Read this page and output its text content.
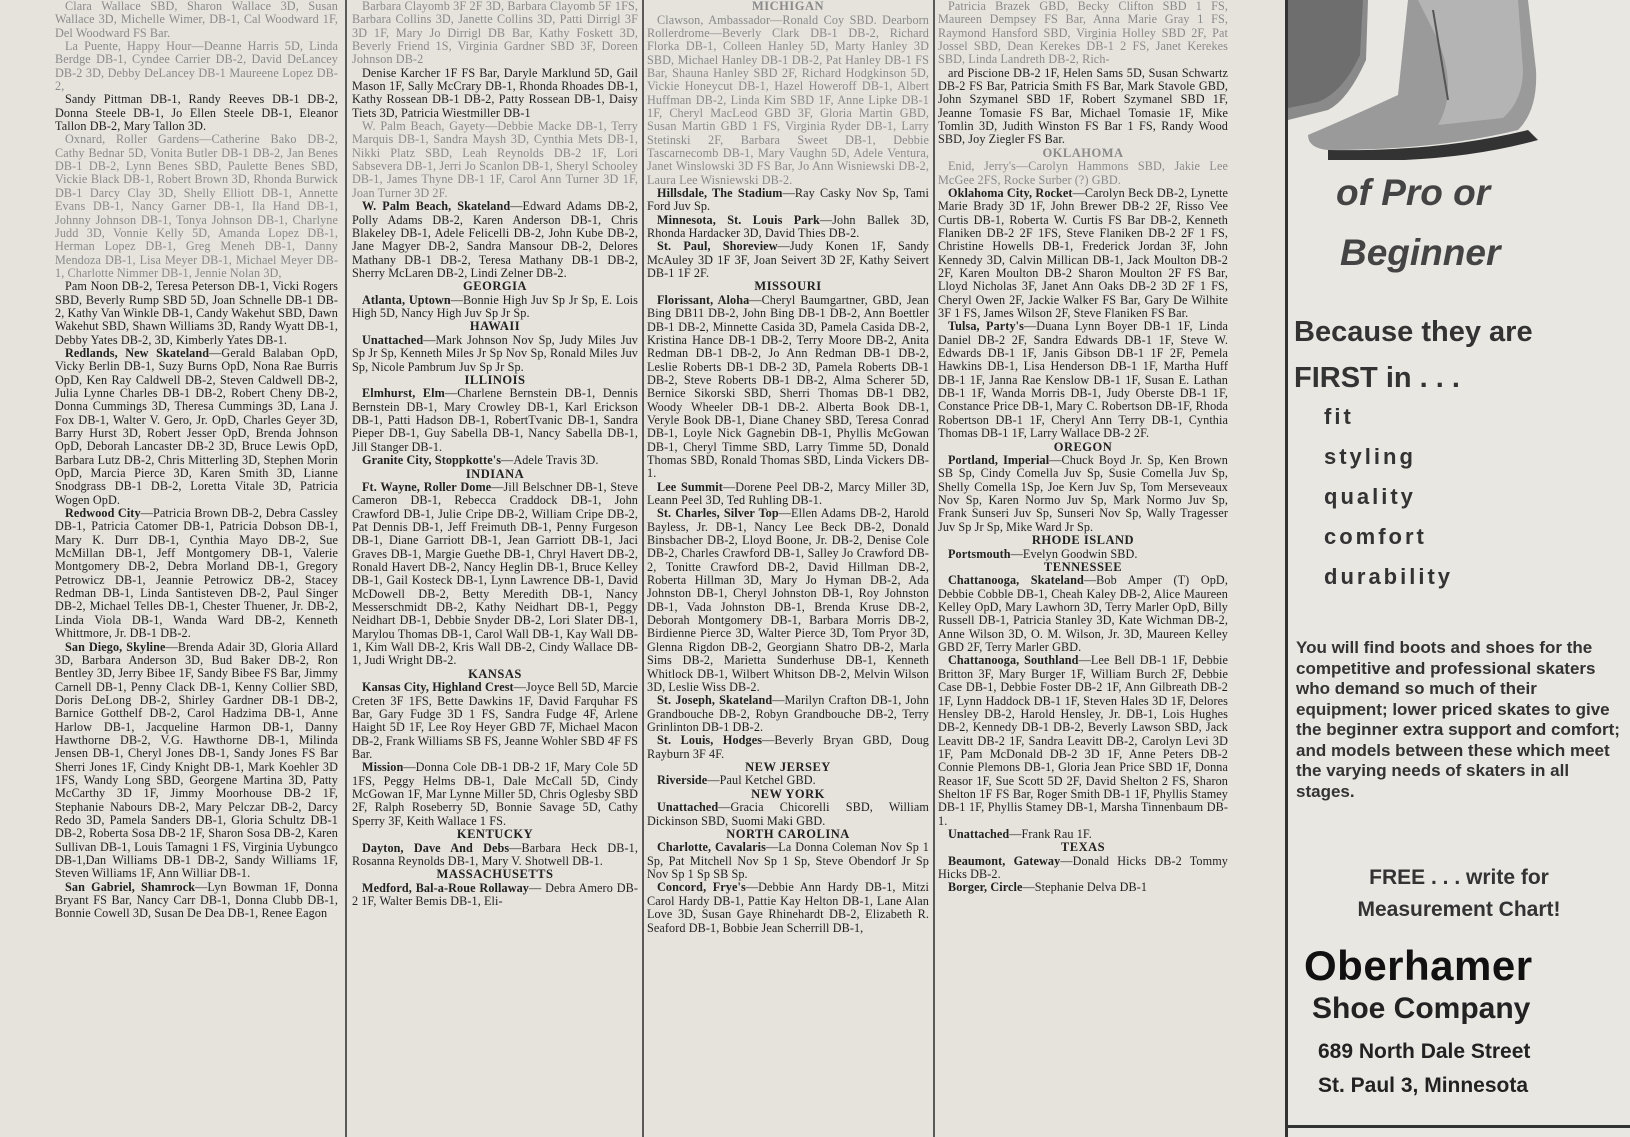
Clara Wallace SBD, Sharon Wallace 3D, Susan Wallace 3D, Michelle Wimer, DB-1, Cal Woodward 1F, Del Woodward FS Bar.

La Puente, Happy Hour—Deanne Harris 5D, Linda Berdge DB-1, Cyndee Carrier DB-2, David DeLancey DB-2 3D, Debby DeLancey DB-1 Maureene Lopez DB-2,

Sandy Pittman DB-1, Randy Reeves DB-1 DB-2, Donna Steele DB-1, Jo Ellen Steele DB-1, Eleanor Tallon DB-2, Mary Tallon 3D.

Oxnard, Roller Gardens—Catherine Bako DB-2, Cathy Bednar 5D, Vonita Butler DB-1 DB-2, Jan Benes DB-1 DB-2, Lynn Benes SBD, Paulette Benes SBD, Vickie Black DB-1, Robert Brown 3D, Rhonda Burwick DB-1 Darcy Clay 3D, Shelly Elliott DB-1, Annette Evans DB-1, Nancy Garner DB-1, Ila Hand DB-1, Johnny Johnson DB-1, Tonya Johnson DB-1, Charlyne Judd 3D, Vonnie Kelly 5D, Amanda Lopez DB-1, Herman Lopez DB-1, Greg Meneh DB-1, Danny Mendoza DB-1, Lisa Meyer DB-1, Michael Meyer DB-1, Charlotte Nimmer DB-1, Jennie Nolan 3D,

Pam Noon DB-2, Teresa Peterson DB-1, Vicki Rogers SBD, Beverly Rump SBD 5D, Joan Schnelle DB-1 DB-2, Kathy Van Winkle DB-1, Candy Wakehut SBD, Dawn Wakehut SBD, Shawn Williams 3D, Randy Wyatt DB-1, Debby Yates DB-2, 3D, Kimberly Yates DB-1.

Redlands, New Skateland—Gerald Balaban OpD, Vicky Berlin DB-1, Suzy Burns OpD, Nona Rae Burris OpD, Ken Ray Caldwell DB-2, Steven Caldwell DB-2, Julia Lynne Charles DB-1 DB-2, Robert Cheny DB-2, Donna Cummings 3D, Theresa Cummings 3D, Lana J. Fox DB-1, Walter V. Gero, Jr. OpD, Charles Geyer 3D, Barry Hurst 3D, Robert Jesser OpD, Brenda Johnson OpD, Deborah Lancaster DB-2 3D, Bruce Lewis OpD, Barbara Lutz DB-2, Chris Mitterling 3D, Stephen Morin OpD, Marcia Pierce 3D, Karen Smith 3D, Lianne Snodgrass DB-1 DB-2, Loretta Vitale 3D, Patricia Wogen OpD.

Redwood City—Patricia Brown DB-2, Debra Cassley DB-1, Patricia Catomer DB-1, Patricia Dobson DB-1, Mary K. Durr DB-1, Cynthia Mayo DB-2, Sue McMillan DB-1, Jeff Montgomery DB-1, Valerie Montgomery DB-2, Debra Morland DB-1, Gregory Petrowicz DB-1, Jeannie Petrowicz DB-2, Stacey Redman DB-1, Linda Santisteven DB-2, Paul Singer DB-2, Michael Telles DB-1, Chester Thuener, Jr. DB-2, Linda Viola DB-1, Wanda Ward DB-2, Kenneth Whittmore, Jr. DB-1 DB-2.

San Diego, Skyline—Brenda Adair 3D, Gloria Allard 3D, Barbara Anderson 3D, Bud Baker DB-2, Ron Bentley 3D, Jerry Bibee 1F, Sandy Bibee FS Bar, Jimmy Carnell DB-1, Penny Clack DB-1, Kenny Collier SBD, Doris DeLong DB-2, Shirley Gardner DB-1 DB-2, Barnice Gotthelf DB-2, Carol Hadzima DB-1, Anne Harlow DB-1, Jacqueline Harmon DB-1, Danny Hawthorne DB-2, V.G. Hawthorne DB-1, Milinda Jensen DB-1, Cheryl Jones DB-1, Sandy Jones FS Bar Sherri Jones 1F, Cindy Knight DB-1, Mark Koehler 3D 1FS, Wandy Long SBD, Georgene Martina 3D, Patty McCarthy 3D 1F, Jimmy Moorhouse DB-2 1F, Stephanie Nabours DB-2, Mary Pelczar DB-2, Darcy Redo 3D, Pamela Sanders DB-1, Gloria Schultz DB-1 DB-2, Roberta Sosa DB-2 1F, Sharon Sosa DB-2, Karen Sullivan DB-1, Louis Tamagni 1 FS, Virginia Uybungco DB-1,Dan Williams DB-1 DB-2, Sandy Williams 1F, Steven Williams 1F, Ann Williar DB-1.

San Gabriel, Shamrock—Lyn Bowman 1F, Donna Bryant FS Bar, Nancy Carr DB-1, Donna Clubb DB-1, Bonnie Cowell 3D, Susan De Dea DB-1, Renee Eagon

Barbara Clayomb 3F 2F 3D, Barbara Clayomb 5F 1FS, Barbara Collins 3D, Janette Collins 3D, Patti Dirrigl 3F 3D 1F, Mary Jo Dirrigl DB Bar, Kathy Foskett 3D, Beverly Friend 1S, Virginia Gardner SBD 3F, Doreen Johnson DB-2

Denise Karcher 1F FS Bar, Daryle Marklund 5D, Gail Mason 1F, Sally McCrary DB-1, Rhonda Rhoades DB-1, Kathy Rossean DB-1 DB-2, Patty Rossean DB-1, Daisy Tiets 3D, Patricia Wiestmiller DB-1

W. Palm Beach, Gayety—Debbie Macke DB-1, Terry Marquis DB-1, Sandra Maysh 3D, Cynthia Mets DB-1, Nikki Platz SBD, Leah Reynolds DB-2 1F, Lori Sabsevera DB-1, Jerri Jo Scanlon DB-1, Sheryl Schooley DB-1, James Thyne DB-1 1F, Carol Ann Turner 3D 1F, Joan Turner 3D 2F.

W. Palm Beach, Skateland—Edward Adams DB-2, Polly Adams DB-2, Karen Anderson DB-1, Chris Blakeley DB-1, Adele Felicelli DB-2, John Kube DB-2, Jane Magyer DB-2, Sandra Mansour DB-2, Delores Mathany DB-1 DB-2, Teresa Mathany DB-1 DB-2, Sherry McLaren DB-2, Lindi Zelner DB-2.

GEORGIA

Atlanta, Uptown—Bonnie High Juv Sp Jr Sp, E. Lois High 5D, Nancy High Juv Sp Jr Sp.

HAWAII

Unattached—Mark Johnson Nov Sp, Judy Miles Juv Sp Jr Sp, Kenneth Miles Jr Sp Nov Sp, Ronald Miles Juv Sp, Nicole Pambrum Juv Sp Jr Sp.

ILLINOIS

Elmhurst, Elm—Charlene Bernstein DB-1, Dennis Bernstein DB-1, Mary Crowley DB-1, Karl Erickson DB-1, Patti Hadson DB-1, RobertTvanic DB-1, Sandra Pieper DB-1, Guy Sabella DB-1, Nancy Sabella DB-1, Jill Stanger DB-1.

Granite City, Stoppkotte's—Adele Travis 3D.

INDIANA

Ft. Wayne, Roller Dome—Jill Belschner DB-1, Steve Cameron DB-1, Rebecca Craddock DB-1, John Crawford DB-1, Julie Cripe DB-2, William Cripe DB-2, Pat Dennis DB-1, Jeff Freimuth DB-1, Penny Furgeson DB-1, Diane Garriott DB-1, Jean Garriott DB-1, Jaci Graves DB-1, Margie Guethe DB-1, Chryl Havert DB-2, Ronald Havert DB-2, Nancy Heglin DB-1, Bruce Kelley DB-1, Gail Kosteck DB-1, Lynn Lawrence DB-1, David McDowell DB-2, Betty Meredith DB-1, Nancy Messerschmidt DB-2, Kathy Neidhart DB-1, Peggy Neidhart DB-1, Debbie Snyder DB-2, Lori Slater DB-1, Marylou Thomas DB-1, Carol Wall DB-1, Kay Wall DB-1, Kim Wall DB-2, Kris Wall DB-2, Cindy Wallace DB-1, Judi Wright DB-2.

KANSAS

Kansas City, Highland Crest—Joyce Bell 5D, Marcie Creten 3F 1FS, Bette Dawkins 1F, David Farquhar FS Bar, Gary Fudge 3D 1 FS, Sandra Fudge 4F, Arlene Haight 5D 1F, Lee Roy Heyer GBD 7F, Michael Macon DB-2, Frank Williams SB FS, Jeanne Wohler SBD 4F FS Bar.

Mission—Donna Cole DB-1 DB-2 1F, Mary Cole 5D 1FS, Peggy Helms DB-1, Dale McCall 5D, Cindy McGowan 1F, Mar Lynne Miller 5D, Chris Oglesby SBD 2F, Ralph Roseberry 5D, Bonnie Savage 5D, Cathy Sperry 3F, Keith Wallace 1 FS.

KENTUCKY

Dayton, Dave And Debs—Barbara Heck DB-1, Rosanna Reynolds DB-1, Mary V. Shotwell DB-1.

MASSACHUSETTS

Medford, Bal-a-Roue Rollaway— Debra Amero DB-2 1F, Walter Bemis DB-1, Eli-

MICHIGAN

Clawson, Ambassador—Ronald Coy SBD. Dearborn Rollerdrome—Beverly Clark DB-1 DB-2, Richard Florka DB-1, Colleen Hanley 5D, Marty Hanley 3D SBD, Michael Hanley DB-1 DB-2, Pat Hanley DB-1 FS Bar, Shauna Hanley SBD 2F, Richard Hodgkinson 5D, Vickie Honeycut DB-1, Hazel Howeroff DB-1, Albert Huffman DB-2, Linda Kim SBD 1F, Anne Lipke DB-1 1F, Cheryl MacLeod GBD 3F, Gloria Martin GBD, Susan Martin GBD 1 FS, Virginia Ryder DB-1, Larry Stetinski 2F, Barbara Sweet DB-1, Debbie Tascarnecomb DB-1, Mary Vaughn 5D, Adele Ventura, Janet Winslowski 3D FS Bar, Jo Ann Wisniewski DB-2, Laura Lee Wisniewski DB-2.

Hillsdale, The Stadium—Ray Casky Nov Sp, Tami Ford Juv Sp.

Minnesota, St. Louis Park—John Ballek 3D, Rhonda Hardacker 3D, David Thies DB-2.

St. Paul, Shoreview—Judy Konen 1F, Sandy McAuley 3D 1F 3F, Joan Seivert 3D 2F, Kathy Seivert DB-1 1F 2F.

MISSOURI

Florissant, Aloha—Cheryl Baumgartner, GBD, Jean Bing DB11 DB-2, John Bing DB-1 DB-2, Ann Boettler DB-1 DB-2, Minnette Casida 3D, Pamela Casida DB-2, Kristina Hance DB-1 DB-2, Terry Moore DB-2, Anita Redman DB-1 DB-2, Jo Ann Redman DB-1 DB-2, Leslie Roberts DB-1 DB-2 3D, Pamela Roberts DB-1 DB-2, Steve Roberts DB-1 DB-2, Alma Scherer 5D, Bernice Sikorski SBD, Sherri Thomas DB-1 DB2, Woody Wheeler DB-1 DB-2. Alberta Book DB-1, Veryle Book DB-1, Diane Chaney SBD, Teresa Conrad DB-1, Loyle Nick Gagnebin DB-1, Phyllis McGowan DB-1, Cheryl Timme SBD, Larry Timme 5D, Donald Thomas SBD, Ronald Thomas SBD, Linda Vickers DB-1.

Lee Summit—Dorene Peel DB-2, Marcy Miller 3D, Leann Peel 3D, Ted Ruhling DB-1.

St. Charles, Silver Top—Ellen Adams DB-2, Harold Bayless, Jr. DB-1, Nancy Lee Beck DB-2, Donald Binsbacher DB-2, Lloyd Boone, Jr. DB-2, Denise Cole DB-2, Charles Crawford DB-1, Salley Jo Crawford DB-2, Tonitte Crawford DB-2, David Hillman DB-2, Roberta Hillman 3D, Mary Jo Hyman DB-2, Ada Johnston DB-1, Cheryl Johnston DB-1, Roy Johnston DB-1, Vada Johnston DB-1, Brenda Kruse DB-2, Deborah Montgomery DB-1, Barbara Morris DB-2, Birdienne Pierce 3D, Walter Pierce 3D, Tom Pryor 3D, Glenna Rigdon DB-2, Georgiann Shatro DB-2, Marla Sims DB-2, Marietta Sunderhuse DB-1, Kenneth Whitlock DB-1, Wilbert Whitson DB-2, Melvin Wilson 3D, Leslie Wiss DB-2.

St. Joseph, Skateland—Marilyn Crafton DB-1, John Grandbouche DB-2, Robyn Grandbouche DB-2, Terry Grinlinton DB-1 DB-2.

St. Louis, Hodges—Beverly Bryan GBD, Doug Rayburn 3F 4F.

NEW JERSEY

Riverside—Paul Ketchel GBD.

NEW YORK

Unattached—Gracia Chicorelli SBD, William Dickinson SBD, Suomi Maki GBD.

NORTH CAROLINA

Charlotte, Cavalaris—La Donna Coleman Nov Sp 1 Sp, Pat Mitchell Nov Sp 1 Sp, Steve Obendorf Jr Sp Nov Sp 1 Sp SB Sp.

Concord, Frye's—Debbie Ann Hardy DB-1, Mitzi Carol Hardy DB-1, Pattie Kay Helton DB-1, Lane Alan Love 3D, Susan Gaye Rhinehardt DB-2, Elizabeth R. Seaford DB-1, Bobbie Jean Scherrill DB-1,

Patricia Brazek GBD, Becky Clifton SBD 1 FS, Maureen Dempsey FS Bar, Anna Marie Gray 1 FS, Raymond Hansford SBD, Virginia Holley SBD 2F, Pat Jossel SBD, Dean Kerekes DB-1 2 FS, Janet Kerekes SBD, Linda Landreth DB-2, Rich-

ard Piscione DB-2 1F, Helen Sams 5D, Susan Schwartz DB-2 FS Bar, Patricia Smith FS Bar, Mark Stavole GBD, John Szymanel SBD 1F, Robert Szymanel SBD 1F, Jeanne Tomasie FS Bar, Michael Tomasie 1F, Mike Tomlin 3D, Judith Winston FS Bar 1 FS, Randy Wood SBD, Joy Ziegler FS Bar.

OKLAHOMA

Enid, Jerry's—Carolyn Hammons SBD, Jakie Lee McGee 2FS, Rocke Surber (?) GBD.

Oklahoma City, Rocket—Carolyn Beck DB-2, Lynette Marie Brady 3D 1F, John Brewer DB-2 2F, Risso Vee Curtis DB-1, Roberta W. Curtis FS Bar DB-2, Kenneth Flaniken DB-2 2F 1FS, Steve Flaniken DB-2 2F 1 FS, Christine Howells DB-1, Frederick Jordan 3F, John Kennedy 3D, Calvin Millican DB-1, Jack Moulton DB-2 2F, Karen Moulton DB-2 Sharon Moulton 2F FS Bar, Lloyd Nicholas 3F, Janet Ann Oaks DB-2 3D 2F 1 FS, Cheryl Owen 2F, Jackie Walker FS Bar, Gary De Wilhite 3F 1 FS, James Wilson 2F, Steve Flaniken FS Bar.

Tulsa, Party's—Duana Lynn Boyer DB-1 1F, Linda Daniel DB-2 2F, Sandra Edwards DB-1 1F, Steve W. Edwards DB-1 1F, Janis Gibson DB-1 1F 2F, Pemela Hawkins DB-1, Lisa Henderson DB-1 1F, Martha Huff DB-1 1F, Janna Rae Kenslow DB-1 1F, Susan E. Lathan DB-1 1F, Wanda Morris DB-1, Judy Oberste DB-1 1F, Constance Price DB-1, Mary C. Robertson DB-1F, Rhoda Robertson DB-1 1F, Cheryl Ann Terry DB-1, Cynthia Thomas DB-1 1F, Larry Wallace DB-2 2F.

OREGON

Portland, Imperial—Chuck Boyd Jr. Sp, Ken Brown SB Sp, Cindy Comella Juv Sp, Susie Comella Juv Sp, Shelly Comella 1Sp, Joe Kern Juv Sp, Tom Merseveaux Nov Sp, Karen Normo Juv Sp, Mark Normo Juv Sp, Frank Sunseri Juv Sp, Sunseri Nov Sp, Wally Tragesser Juv Sp Jr Sp, Mike Ward Jr Sp.

RHODE ISLAND

Portsmouth—Evelyn Goodwin SBD.

TENNESSEE

Chattanooga, Skateland—Bob Amper (T) OpD, Debbie Cobble DB-1, Cheah Kaley DB-2, Alice Maureen Kelley OpD, Mary Lawhorn 3D, Terry Marler OpD, Billy Russell DB-1, Patricia Stanley 3D, Kate Wichman DB-2, Anne Wilson 3D, O. M. Wilson, Jr. 3D, Maureen Kelley GBD 2F, Terry Marler GBD.

Chattanooga, Southland—Lee Bell DB-1 1F, Debbie Britton 3F, Mary Burger 1F, William Burch 2F, Debbie Case DB-1, Debbie Foster DB-2 1F, Ann Gilbreath DB-2 1F, Lynn Haddock DB-1 1F, Steven Hales 3D 1F, Delores Hensley DB-2, Harold Hensley, Jr. DB-1, Lois Hughes DB-2, Kennedy DB-1 DB-2, Beverly Lawson SBD, Jack Leavitt DB-2 1F, Sandra Leavitt DB-2, Carolyn Levi 3D 1F, Pam McDonald DB-2 3D 1F, Anne Peters DB-2 Connie Plemons DB-1, Gloria Jean Price SBD 1F, Donna Reasor 1F, Sue Scott 5D 2F, David Shelton 2 FS, Sharon Shelton 1F FS Bar, Roger Smith DB-1 1F, Phyllis Stamey DB-1 1F, Phyllis Stamey DB-1, Marsha Tinnenbaum DB-1.

Unattached—Frank Rau 1F.

TEXAS

Beaumont, Gateway—Donald Hicks DB-2 Tommy Hicks DB-2.

Borger, Circle—Stephanie Delva DB-1

of Pro or
Beginner
Because they are
FIRST in . . .
fit
styling
quality
comfort
durability
You will find boots and shoes for the competitive and professional skaters who demand so much of their equipment; lower priced skates to give the beginner extra support and comfort; and models between these which meet the varying needs of skaters in all stages.
FREE . . . write for
Measurement Chart!
Oberhamer
Shoe Company
689 North Dale Street
St. Paul 3, Minnesota
